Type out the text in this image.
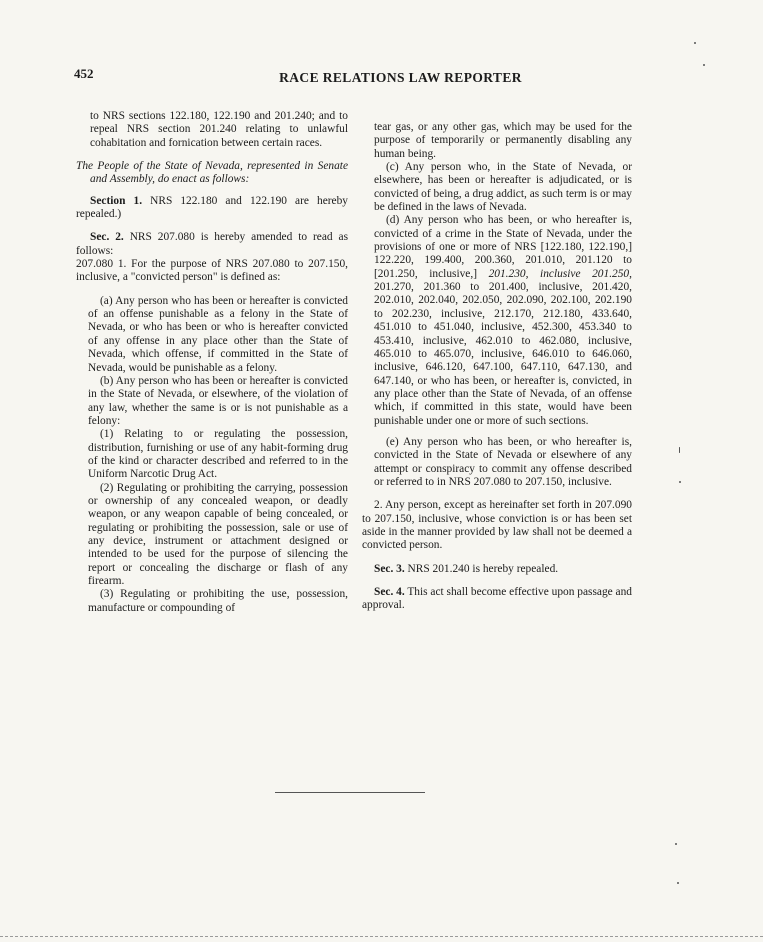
452	RACE RELATIONS LAW REPORTER

to NRS sections 122.180, 122.190 and 201.240; and to repeal NRS section 201.240 relating to unlawful cohabitation and fornication between certain races.

The People of the State of Nevada, represented in Senate and Assembly, do enact as follows:

Section 1. NRS 122.180 and 122.190 are hereby repealed.)

Sec. 2. NRS 207.080 is hereby amended to read as follows:

207.080 1. For the purpose of NRS 207.080 to 207.150, inclusive, a "convicted person" is defined as:

(a) Any person who has been or hereafter is convicted of an offense punishable as a felony in the State of Nevada, or who has been or who is hereafter convicted of any offense in any place other than the State of Nevada, which offense, if committed in the State of Nevada, would be punishable as a felony.

(b) Any person who has been or hereafter is convicted in the State of Nevada, or elsewhere, of the violation of any law, whether the same is or is not punishable as a felony:

(1) Relating to or regulating the possession, distribution, furnishing or use of any habit-forming drug of the kind or character described and referred to in the Uniform Narcotic Drug Act.

(2) Regulating or prohibiting the carrying, possession or ownership of any concealed weapon, or deadly weapon, or any weapon capable of being concealed, or regulating or prohibiting the possession, sale or use of any device, instrument or attachment designed or intended to be used for the purpose of silencing the report or concealing the discharge or flash of any firearm.

(3) Regulating or prohibiting the use, possession, manufacture or compounding of

tear gas, or any other gas, which may be used for the purpose of temporarily or permanently disabling any human being.

(c) Any person who, in the State of Nevada, or elsewhere, has been or hereafter is adjudicated, or is convicted of being, a drug addict, as such term is or may be defined in the laws of Nevada.

(d) Any person who has been, or who hereafter is, convicted of a crime in the State of Nevada, under the provisions of one or more of NRS [122.180, 122.190,] 122.220, 199.400, 200.360, 201.010, 201.120 to [201.250, inclusive,] 201.230, inclusive 201.250, 201.270, 201.360 to 201.400, inclusive, 201.420, 202.010, 202.040, 202.050, 202.090, 202.100, 202.190 to 202.230, inclusive, 212.170, 212.180, 433.640, 451.010 to 451.040, inclusive, 452.300, 453.340 to 453.410, inclusive, 462.010 to 462.080, inclusive, 465.010 to 465.070, inclusive, 646.010 to 646.060, inclusive, 646.120, 647.100, 647.110, 647.130, and 647.140, or who has been, or hereafter is, convicted, in any place other than the State of Nevada, of an offense which, if committed in this state, would have been punishable under one or more of such sections.

(e) Any person who has been, or who hereafter is, convicted in the State of Nevada or elsewhere of any attempt or conspiracy to commit any offense described or referred to in NRS 207.080 to 207.150, inclusive.

2. Any person, except as hereinafter set forth in 207.090 to 207.150, inclusive, whose conviction is or has been set aside in the manner provided by law shall not be deemed a convicted person.

Sec. 3. NRS 201.240 is hereby repealed.

Sec. 4. This act shall become effective upon passage and approval.
